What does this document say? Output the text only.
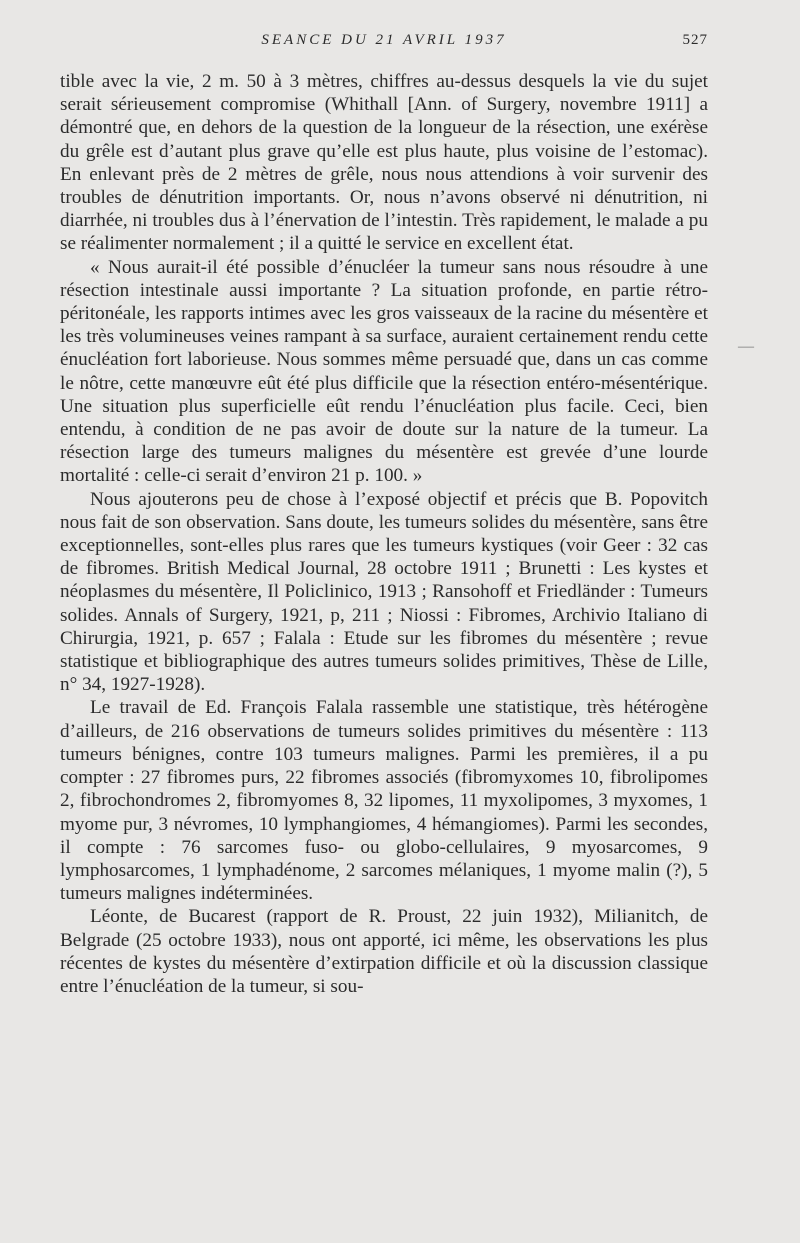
SEANCE DU 21 AVRIL 1937	527
—

tible avec la vie, 2 m. 50 à 3 mètres, chiffres au-dessus desquels la vie du sujet serait sérieusement compromise (Whithall [Ann. of Surgery, novembre 1911] a démontré que, en dehors de la question de la longueur de la résection, une exérèse du grêle est d’autant plus grave qu’elle est plus haute, plus voisine de l’estomac). En enlevant près de 2 mètres de grêle, nous nous attendions à voir survenir des troubles de dénutrition importants. Or, nous n’avons observé ni dénutrition, ni diarrhée, ni troubles dus à l’énervation de l’intestin. Très rapidement, le malade a pu se réalimenter normalement ; il a quitté le service en excellent état.

« Nous aurait-il été possible d’énucléer la tumeur sans nous résoudre à une résection intestinale aussi importante ? La situation profonde, en partie rétro-péritonéale, les rapports intimes avec les gros vaisseaux de la racine du mésentère et les très volumineuses veines rampant à sa surface, auraient certainement rendu cette énucléation fort laborieuse. Nous sommes même persuadé que, dans un cas comme le nôtre, cette manœuvre eût été plus difficile que la résection entéro-mésentérique. Une situation plus superficielle eût rendu l’énucléation plus facile. Ceci, bien entendu, à condition de ne pas avoir de doute sur la nature de la tumeur. La résection large des tumeurs malignes du mésentère est grevée d’une lourde mortalité : celle-ci serait d’environ 21 p. 100. »

Nous ajouterons peu de chose à l’exposé objectif et précis que B. Popovitch nous fait de son observation. Sans doute, les tumeurs solides du mésentère, sans être exceptionnelles, sont-elles plus rares que les tumeurs kystiques (voir Geer : 32 cas de fibromes. British Medical Journal, 28 octobre 1911 ; Brunetti : Les kystes et néoplasmes du mésentère, Il Policlinico, 1913 ; Ransohoff et Friedländer : Tumeurs solides. Annals of Surgery, 1921, p, 211 ; Niossi : Fibromes, Archivio Italiano di Chirurgia, 1921, p. 657 ; Falala : Etude sur les fibromes du mésentère ; revue statistique et bibliographique des autres tumeurs solides primitives, Thèse de Lille, n° 34, 1927-1928).

Le travail de Ed. François Falala rassemble une statistique, très hétérogène d’ailleurs, de 216 observations de tumeurs solides primitives du mésentère : 113 tumeurs bénignes, contre 103 tumeurs malignes. Parmi les premières, il a pu compter : 27 fibromes purs, 22 fibromes associés (fibromyxomes 10, fibrolipomes 2, fibrochondromes 2, fibromyomes 8, 32 lipomes, 11 myxolipomes, 3 myxomes, 1 myome pur, 3 névromes, 10 lymphangiomes, 4 hémangiomes). Parmi les secondes, il compte : 76 sarcomes fuso- ou globo-cellulaires, 9 myosarcomes, 9 lymphosarcomes, 1 lymphadénome, 2 sarcomes mélaniques, 1 myome malin (?), 5 tumeurs malignes indéterminées.

Léonte, de Bucarest (rapport de R. Proust, 22 juin 1932), Milianitch, de Belgrade (25 octobre 1933), nous ont apporté, ici même, les observations les plus récentes de kystes du mésentère d’extirpation difficile et où la discussion classique entre l’énucléation de la tumeur, si sou-
